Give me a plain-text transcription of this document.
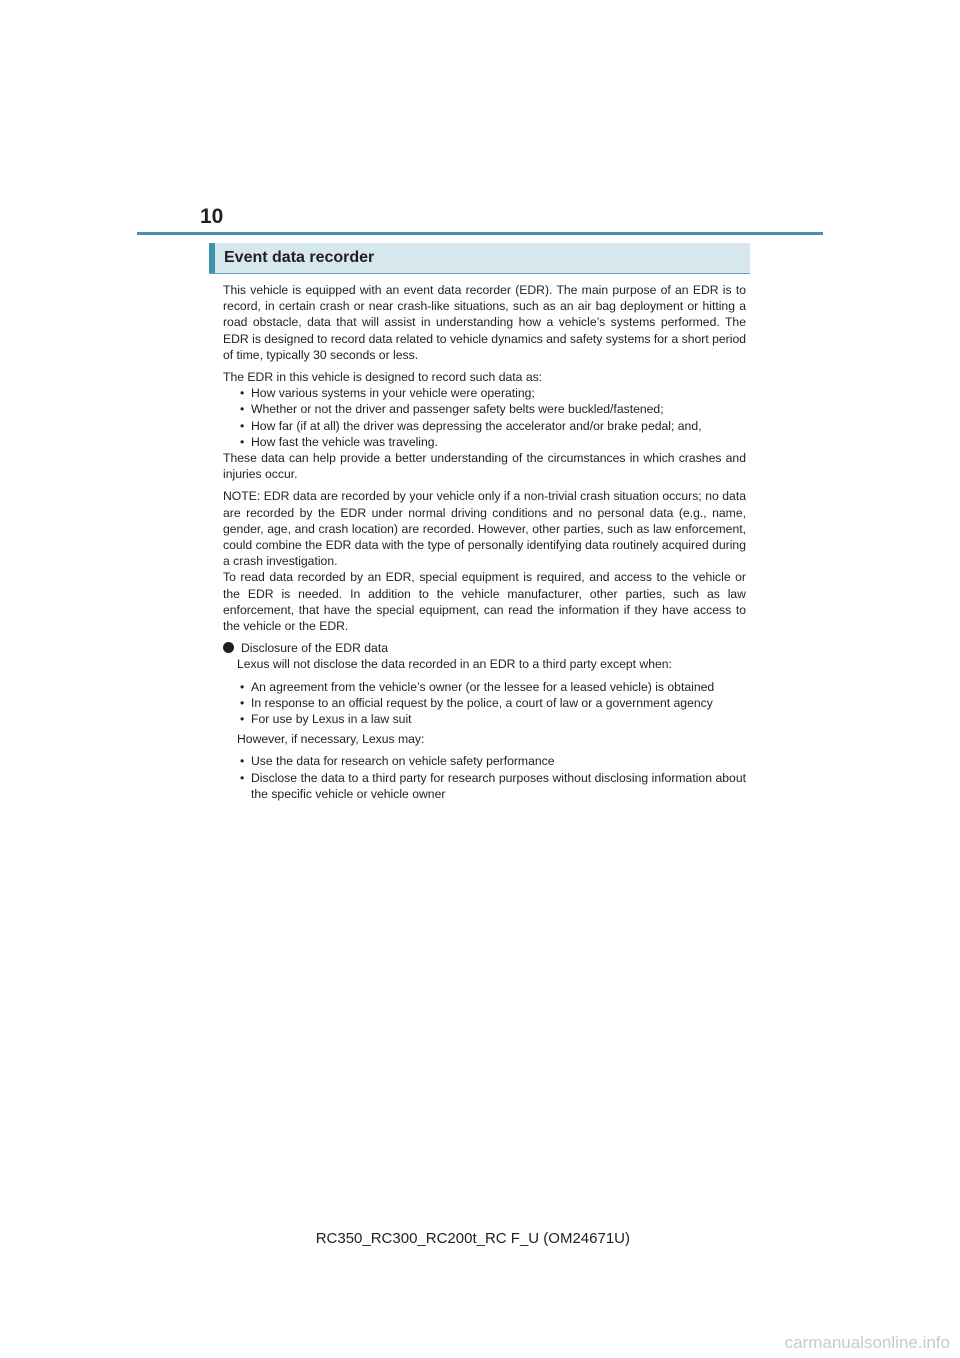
10
Event data recorder

This vehicle is equipped with an event data recorder (EDR). The main purpose of an EDR is to record, in certain crash or near crash-like situations, such as an air bag deployment or hitting a road obstacle, data that will assist in understanding how a vehicle’s systems performed. The EDR is designed to record data related to vehicle dynamics and safety systems for a short period of time, typically 30 seconds or less.

The EDR in this vehicle is designed to record such data as:

• How various systems in your vehicle were operating;
• Whether or not the driver and passenger safety belts were buckled/fastened;
• How far (if at all) the driver was depressing the accelerator and/or brake pedal; and,
• How fast the vehicle was traveling.

These data can help provide a better understanding of the circumstances in which crashes and injuries occur.

NOTE: EDR data are recorded by your vehicle only if a non-trivial crash situation occurs; no data are recorded by the EDR under normal driving conditions and no personal data (e.g., name, gender, age, and crash location) are recorded. However, other parties, such as law enforcement, could combine the EDR data with the type of personally identifying data routinely acquired during a crash investigation.

To read data recorded by an EDR, special equipment is required, and access to the vehicle or the EDR is needed. In addition to the vehicle manufacturer, other parties, such as law enforcement, that have the special equipment, can read the information if they have access to the vehicle or the EDR.

Disclosure of the EDR data

Lexus will not disclose the data recorded in an EDR to a third party except when:

• An agreement from the vehicle’s owner (or the lessee for a leased vehicle) is obtained
• In response to an official request by the police, a court of law or a government agency
• For use by Lexus in a law suit

However, if necessary, Lexus may:

• Use the data for research on vehicle safety performance
• Disclose the data to a third party for research purposes without disclosing information about the specific vehicle or vehicle owner
RC350_RC300_RC200t_RC F_U (OM24671U)
carmanualsonline.info
